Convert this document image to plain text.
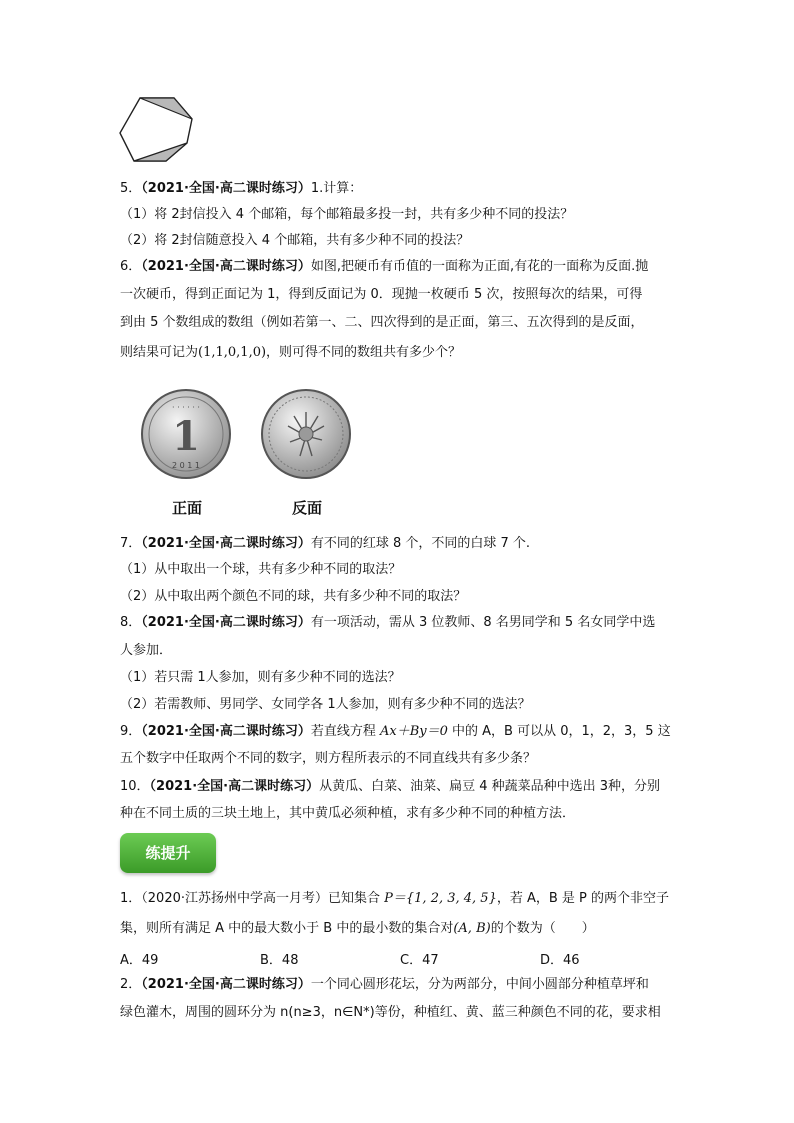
5．（2021·全国·高二课时练习）1.计算：
（1）将 2封信投入 4 个邮箱，每个邮箱最多投一封，共有多少种不同的投法？
（2）将 2封信随意投入 4 个邮箱，共有多少种不同的投法？
6．（2021·全国·高二课时练习）如图,把硬币有币值的一面称为正面,有花的一面称为反面.抛
一次硬币，得到正面记为 1，得到反面记为 0．现抛一枚硬币 5 次，按照每次的结果，可得
到由 5 个数组成的数组（例如若第一、二、四次得到的是正面，第三、五次得到的是反面，
则结果可记为(1,1,0,1,0)，则可得不同的数组共有多少个？
1
· · · · · ·
2 0 1 1
正面	反面
7．（2021·全国·高二课时练习）有不同的红球 8 个，不同的白球 7 个.
（1）从中取出一个球，共有多少种不同的取法？
（2）从中取出两个颜色不同的球，共有多少种不同的取法？
8．（2021·全国·高二课时练习）有一项活动，需从 3 位教师、8 名男同学和 5 名女同学中选
人参加．
（1）若只需 1人参加，则有多少种不同的选法？
（2）若需教师、男同学、女同学各 1人参加，则有多少种不同的选法？
9．（2021·全国·高二课时练习）若直线方程 Ax＋By＝0 中的 A，B 可以从 0，1，2，3，5 这
五个数字中任取两个不同的数字，则方程所表示的不同直线共有多少条？
10．（2021·全国·高二课时练习）从黄瓜、白菜、油菜、扁豆 4 种蔬菜品种中选出 3种，分别
种在不同土质的三块土地上，其中黄瓜必须种植，求有多少种不同的种植方法．
练提升
1．（2020·江苏扬州中学高一月考）已知集合 P＝{1, 2, 3, 4, 5}，若 A，B 是 P 的两个非空子
集，则所有满足 A 中的最大数小于 B 中的最小数的集合对(A, B)的个数为（　　）
A．49	B．48	C．47	D．46
2．（2021·全国·高二课时练习）一个同心圆形花坛，分为两部分，中间小圆部分种植草坪和
绿色灌木，周围的圆环分为 n(n≥3，n∈N*)等份，种植红、黄、蓝三种颜色不同的花，要求相
